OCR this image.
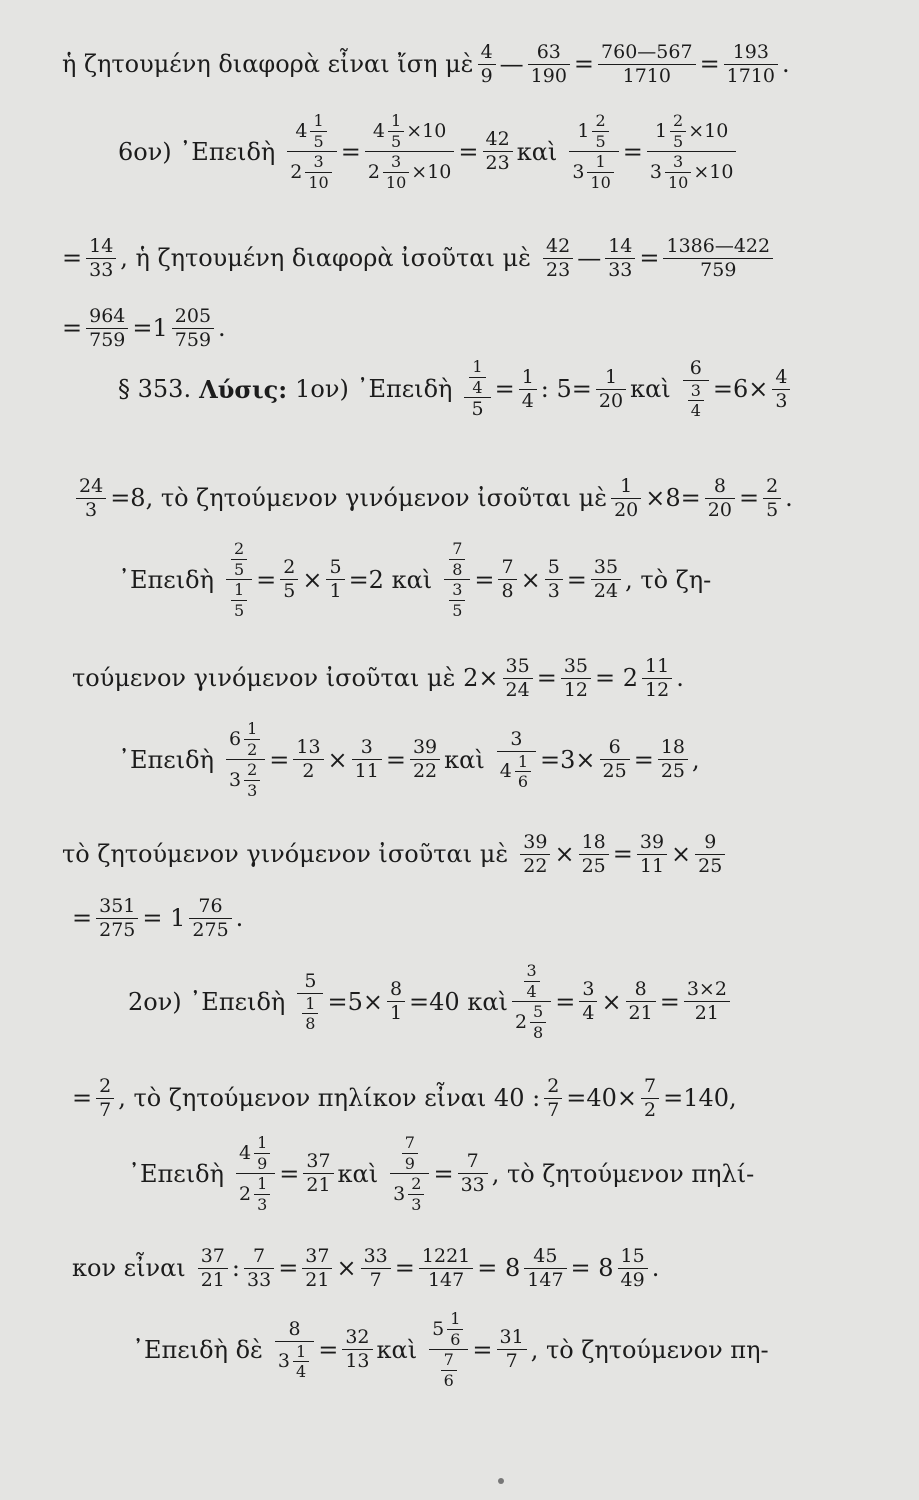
ἡ ζητουμένη διαφορὰ εἶναι ἴση μὲ 4
9 — 63
190 = 760—567
1710 = 193
1710 .
6ον) ᾿Επειδὴ
4 1
5
2 3
10
=
4 1
5 ×10
2 3
10 ×10
= 42
23 καὶ
1 2
5
3 1
10
=
1 2
5 ×10
3 3
10 ×10
= 14
33 , ἡ ζητουμένη διαφορὰ ἰσοῦται μὲ 42
23 — 14
33 = 1386—422
759
= 964
759 =1 205
759 .
§ 353. Λύσις: 1ον) ᾿Επειδὴ
1
4
5
= 1
4 : 5= 1
20 καὶ
6
3
4
=6× 4
3
24
3 =8, τὸ ζητούμενον γινόμενον ἰσοῦται μὲ 1
20 ×8= 8
20 = 2
5 .
᾿Επειδὴ
2
5
1
5
= 2
5 × 5
1 =2 καὶ
7
8
3
5
= 7
8 × 5
3 = 35
24 , τὸ ζη-
τούμενον γινόμενον ἰσοῦται μὲ 2× 35
24 = 35
12 = 2 11
12 .
᾿Επειδὴ
6 1
2
3 2
3
= 13
2 × 3
11 = 39
22 καὶ
3
4 1
6
=3× 6
25 = 18
25 ,
τὸ ζητούμενον γινόμενον ἰσοῦται μὲ 39
22 × 18
25 = 39
11 × 9
25
= 351
275 = 1 76
275 .
2ον) ᾿Επειδὴ
5
1
8
=5× 8
1 =40 καὶ
3
4
2 5
8
= 3
4 × 8
21 = 3×2
21
= 2
7 , τὸ ζητούμενον πηλίκον εἶναι 40 : 2
7 =40× 7
2 =140,
᾿Επειδὴ
4 1
9
2 1
3
= 37
21 καὶ
7
9
3 2
3
= 7
33 , τὸ ζητούμενον πηλί-
κον εἶναι 37
21 : 7
33 = 37
21 × 33
7 = 1221
147 = 8 45
147 = 8 15
49 .
᾿Επειδὴ δὲ
8
3 1
4
= 32
13 καὶ
5 1
6
7
6
= 31
7 , τὸ ζητούμενον πη-
